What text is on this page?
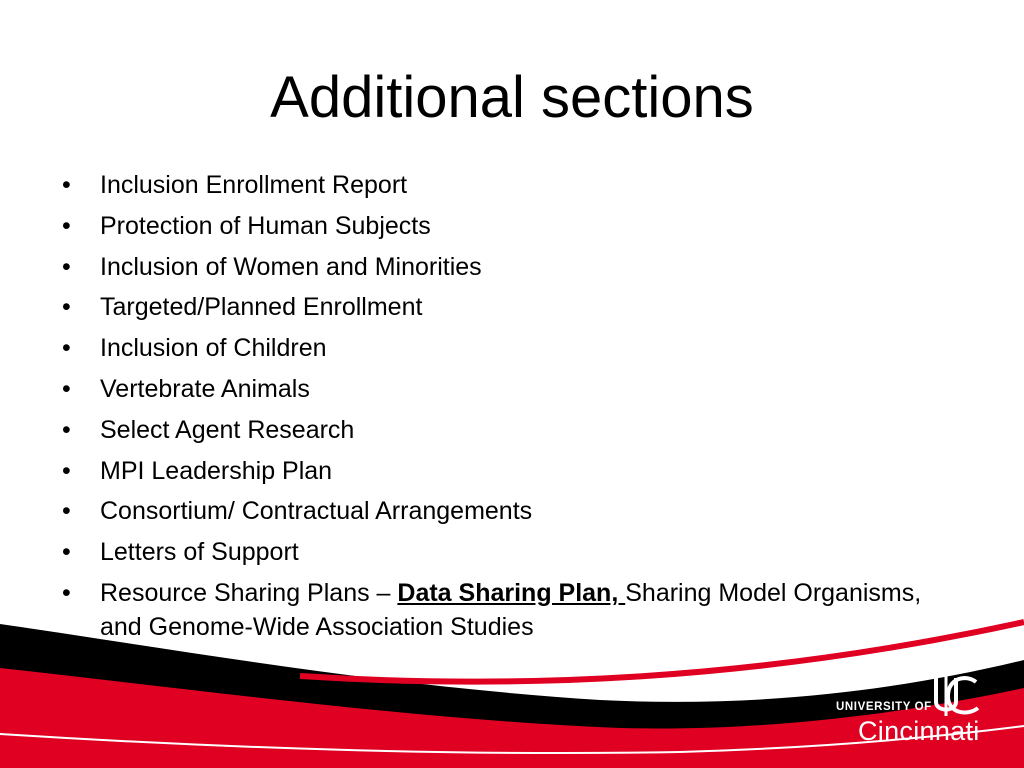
Additional sections
•	Inclusion Enrollment Report
•	Protection of Human Subjects
•	Inclusion of Women and Minorities
•	Targeted/Planned Enrollment
•	Inclusion of Children
•	Vertebrate Animals
•	Select Agent Research
•	MPI Leadership Plan
•	Consortium/ Contractual Arrangements
•	Letters of Support
•	Resource Sharing Plans – Data Sharing Plan, Sharing Model Organisms, and Genome-Wide Association Studies
UNIVERSITY OF
Cincinnati
